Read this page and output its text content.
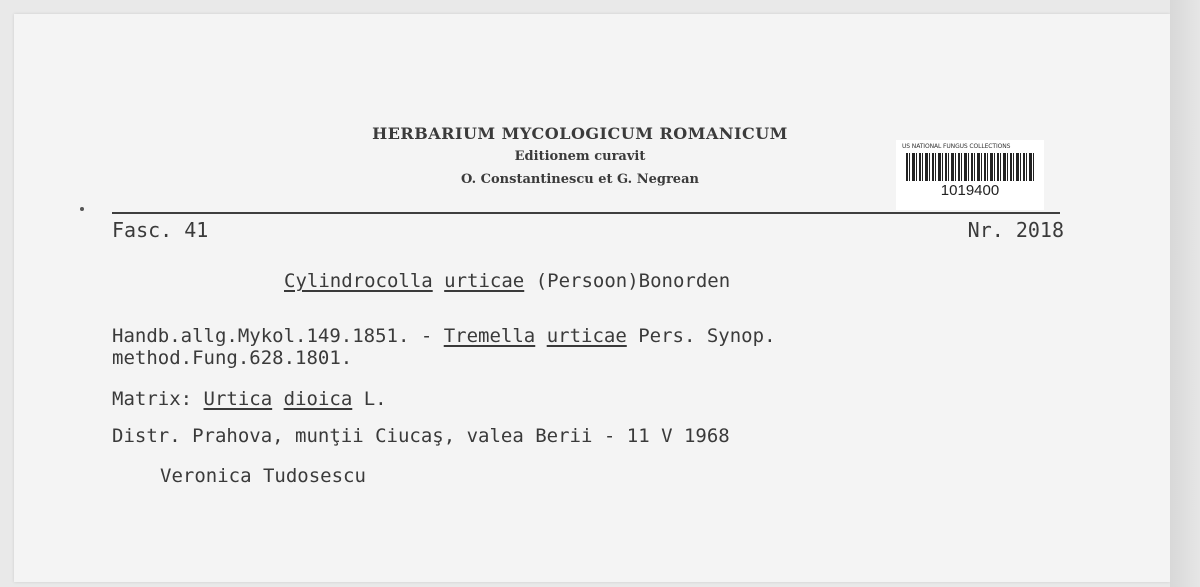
HERBARIUM MYCOLOGICUM ROMANICUM
Editionem curavit
O. Constantinescu et G. Negrean
US NATIONAL FUNGUS COLLECTIONS
1019400
Fasc. 41	Nr. 2018
Cylindrocolla urticae (Persoon)Bonorden
Handb.allg.Mykol.149.1851. - Tremella urticae Pers. Synop.
method.Fung.628.1801.
Matrix: Urtica dioica L.
Distr. Prahova, munţii Ciucaş, valea Berii - 11 V 1968
Veronica Tudosescu
